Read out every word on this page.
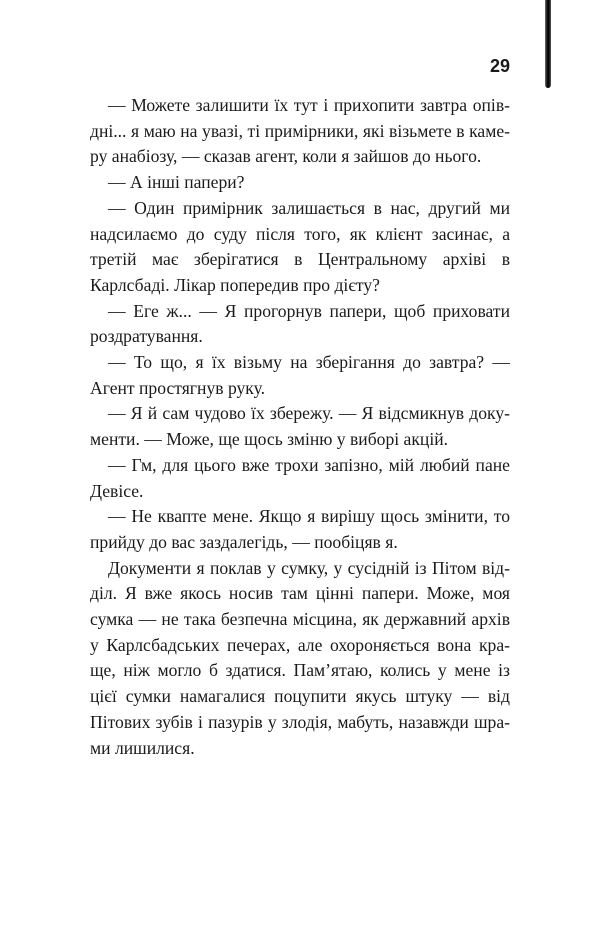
29

— Можете залишити їх тут і прихопити завтра опівдні... я маю на увазі, ті примірники, які візьмете в камеру анабіозу, — сказав агент, коли я зайшов до нього.

— А інші папери?

— Один примірник залишається в нас, другий ми надсилаємо до суду після того, як клієнт засинає, а третій має зберігатися в Центральному архіві в Карлсбаді. Лікар попередив про дієту?

— Еге ж... — Я прогорнув папери, щоб приховати роздратування.

— То що, я їх візьму на зберігання до завтра? — Агент простягнув руку.

— Я й сам чудово їх збережу. — Я відсмикнув документи. — Може, ще щось зміню у виборі акцій.

— Гм, для цього вже трохи запізно, мій любий пане Девісе.

— Не квапте мене. Якщо я вирішу щось змінити, то прийду до вас заздалегідь, — пообіцяв я.

Документи я поклав у сумку, у сусідній із Пітом відділ. Я вже якось носив там цінні папери. Може, моя сумка — не така безпечна місцина, як державний архів у Карлсбадських печерах, але охороняється вона краще, ніж могло б здатися. Пам’ятаю, колись у мене із цієї сумки намагалися поцупити якусь штуку — від Пітових зубів і пазурів у злодія, мабуть, назавжди шрами лишилися.
